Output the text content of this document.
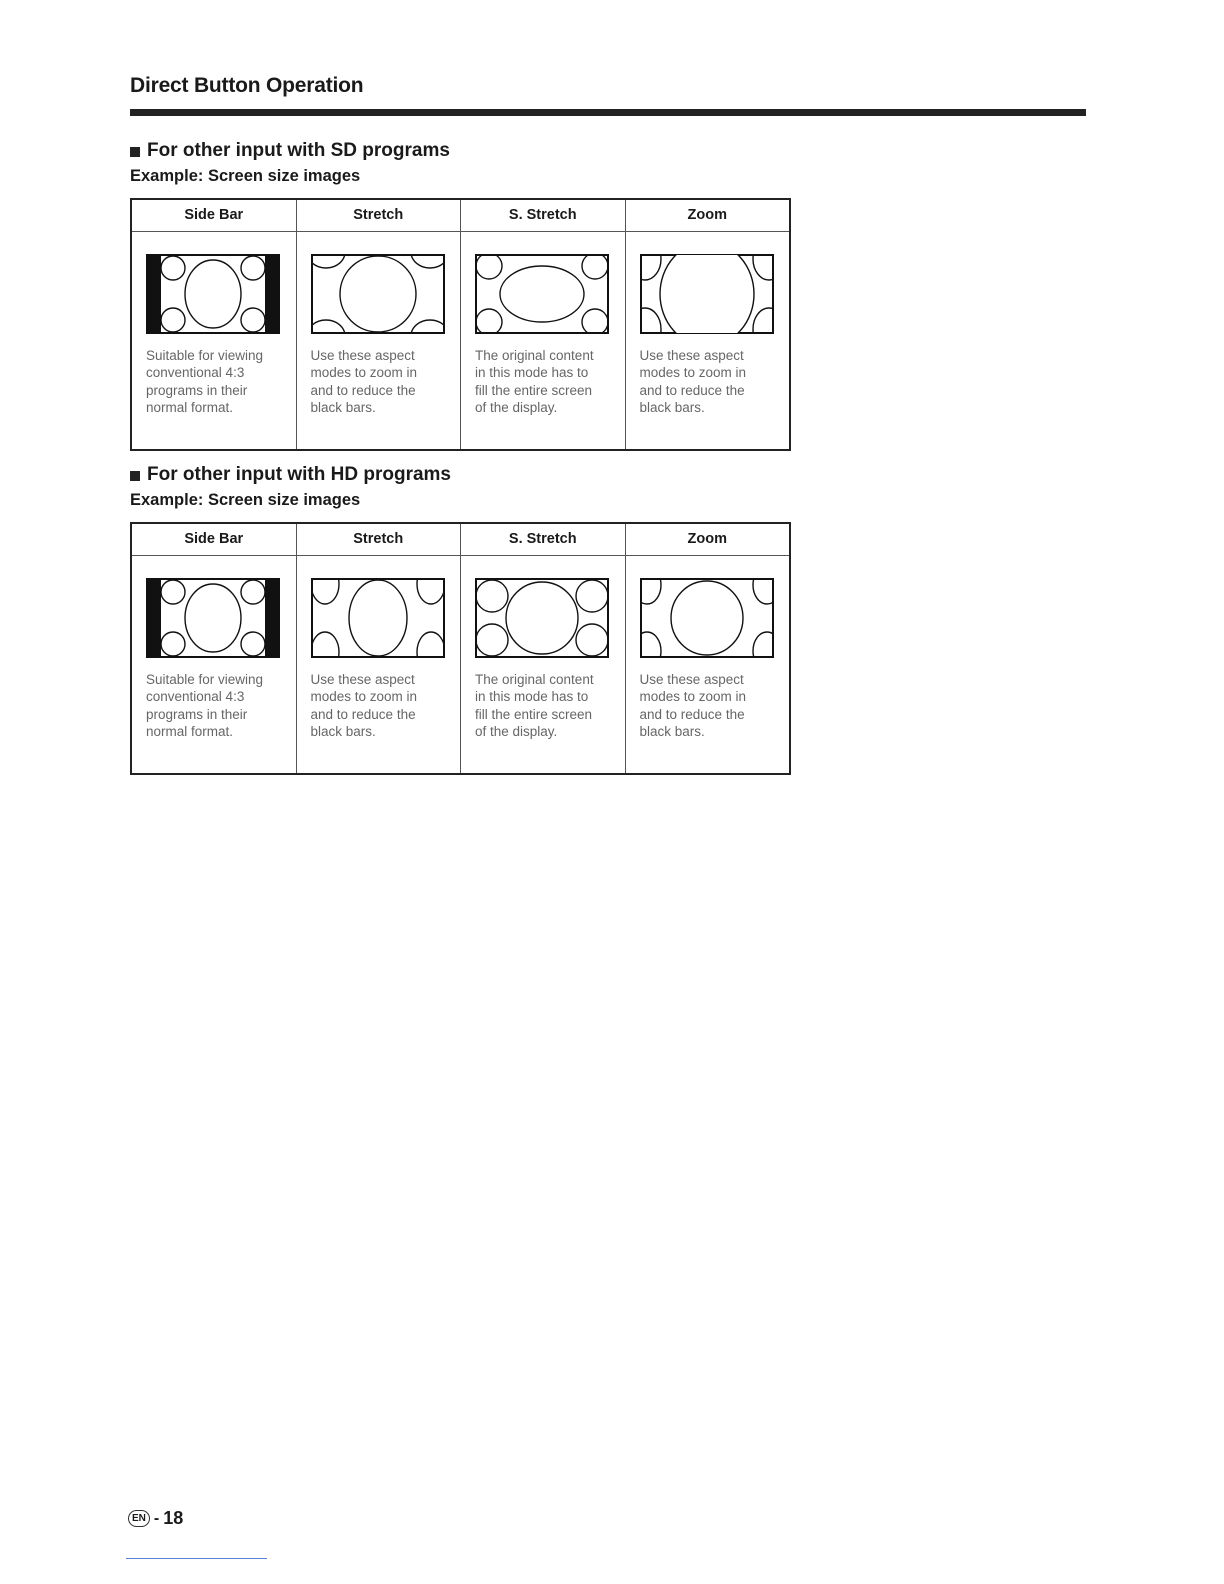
Direct Button Operation
For other input with SD programs
Example: Screen size images
Side Bar
Suitable for viewing
conventional 4:3
programs in their
normal format.
Stretch
Use these aspect
modes to zoom in
and to reduce the
black bars.
S. Stretch
The original content
in this mode has to
fill the entire screen
of the display.
Zoom
Use these aspect
modes to zoom in
and to reduce the
black bars.
For other input with HD programs
Example: Screen size images
Side Bar
Suitable for viewing
conventional 4:3
programs in their
normal format.
Stretch
Use these aspect
modes to zoom in
and to reduce the
black bars.
S. Stretch
The original content
in this mode has to
fill the entire screen
of the display.
Zoom
Use these aspect
modes to zoom in
and to reduce the
black bars.
EN - 18
